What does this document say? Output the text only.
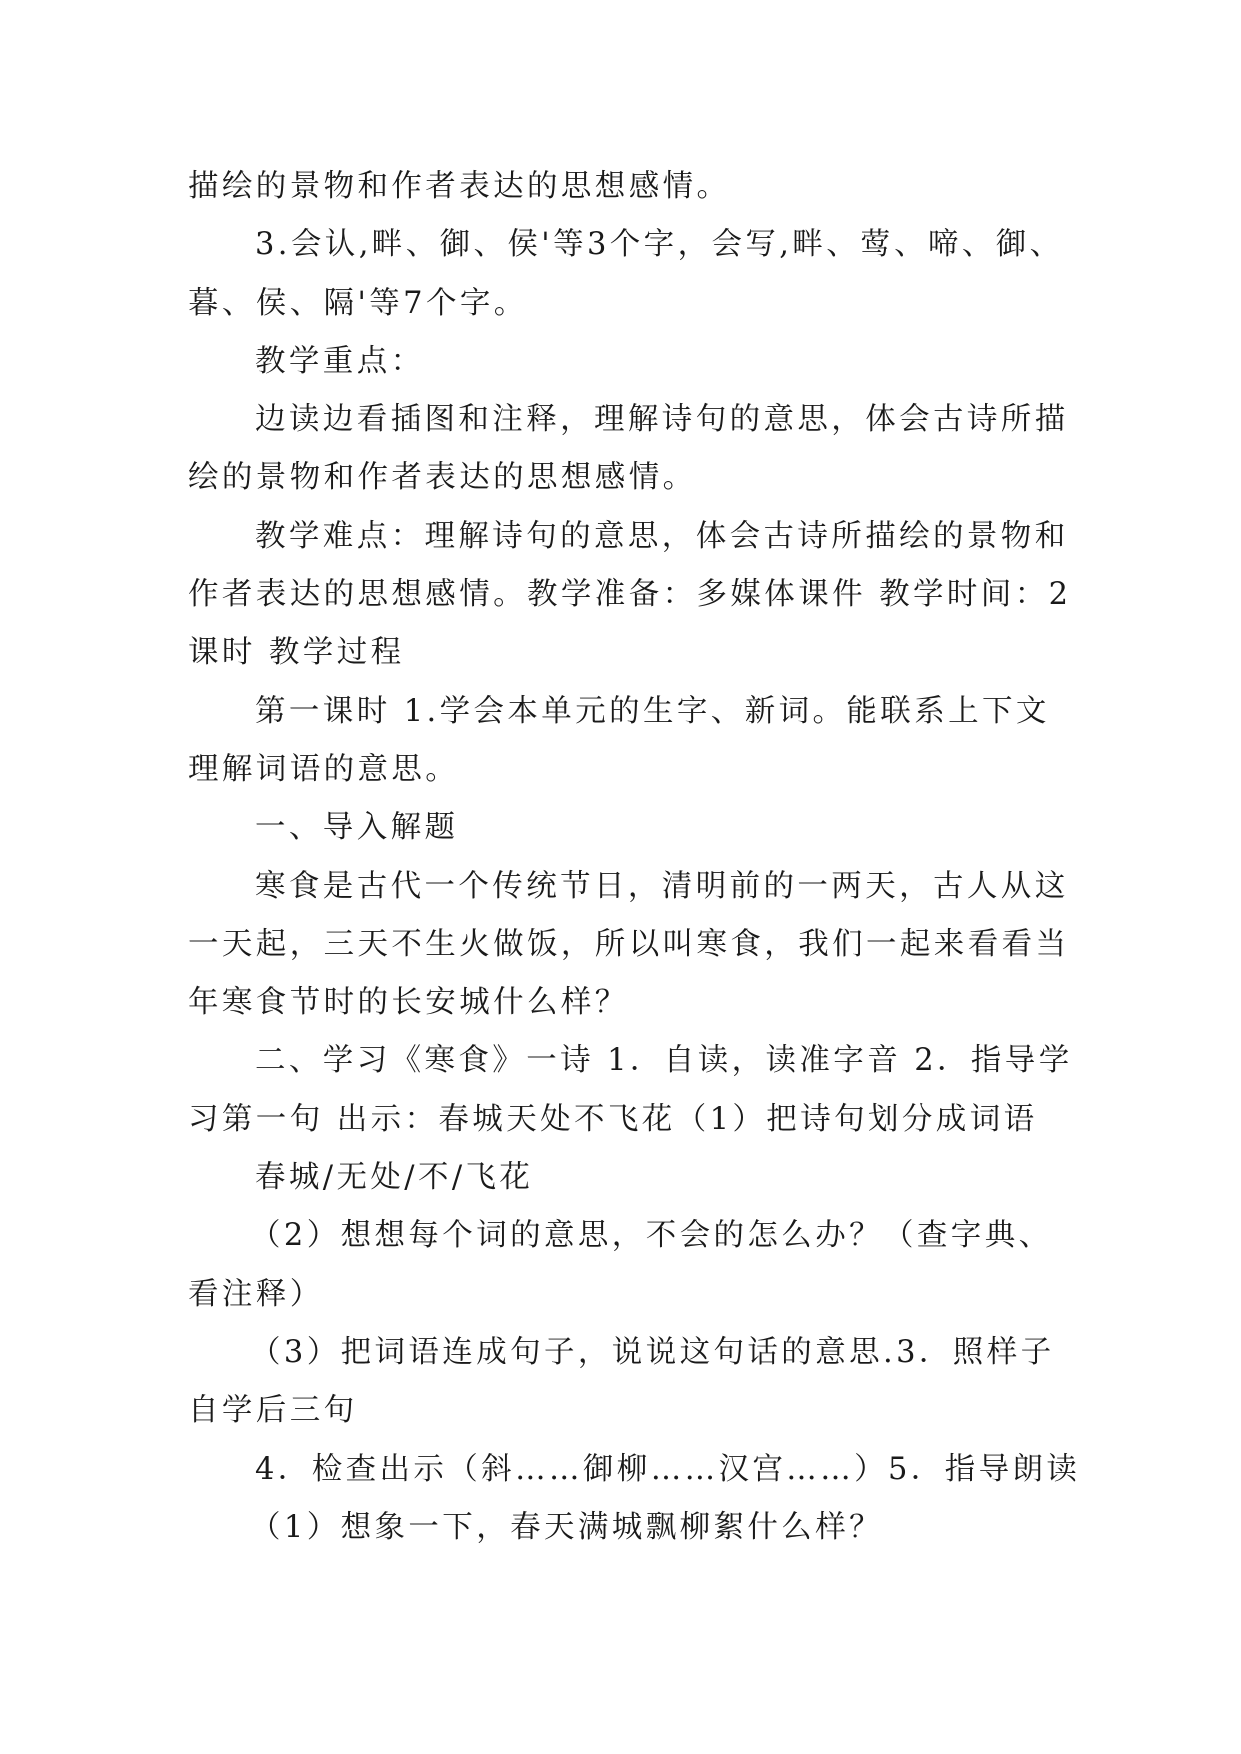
描绘的景物和作者表达的思想感情。
3.会认,畔、御、侯'等3个字，会写,畔、莺、啼、御、
暮、侯、隔'等7个字。
教学重点：
边读边看插图和注释，理解诗句的意思，体会古诗所描
绘的景物和作者表达的思想感情。
教学难点：理解诗句的意思，体会古诗所描绘的景物和
作者表达的思想感情。教学准备：多媒体课件 教学时间：2
课时 教学过程
第一课时 1.学会本单元的生字、新词。能联系上下文
理解词语的意思。
一、导入解题
寒食是古代一个传统节日，清明前的一两天，古人从这
一天起，三天不生火做饭，所以叫寒食，我们一起来看看当
年寒食节时的长安城什么样？
二、学习《寒食》一诗 1．自读，读准字音 2．指导学
习第一句 出示：春城天处不飞花（1）把诗句划分成词语
春城/无处/不/飞花
（2）想想每个词的意思，不会的怎么办？（查字典、
看注释）
（3）把词语连成句子，说说这句话的意思.3．照样子
自学后三句
4．检查出示（斜……御柳……汉宫……）5．指导朗读
（1）想象一下，春天满城飘柳絮什么样？
